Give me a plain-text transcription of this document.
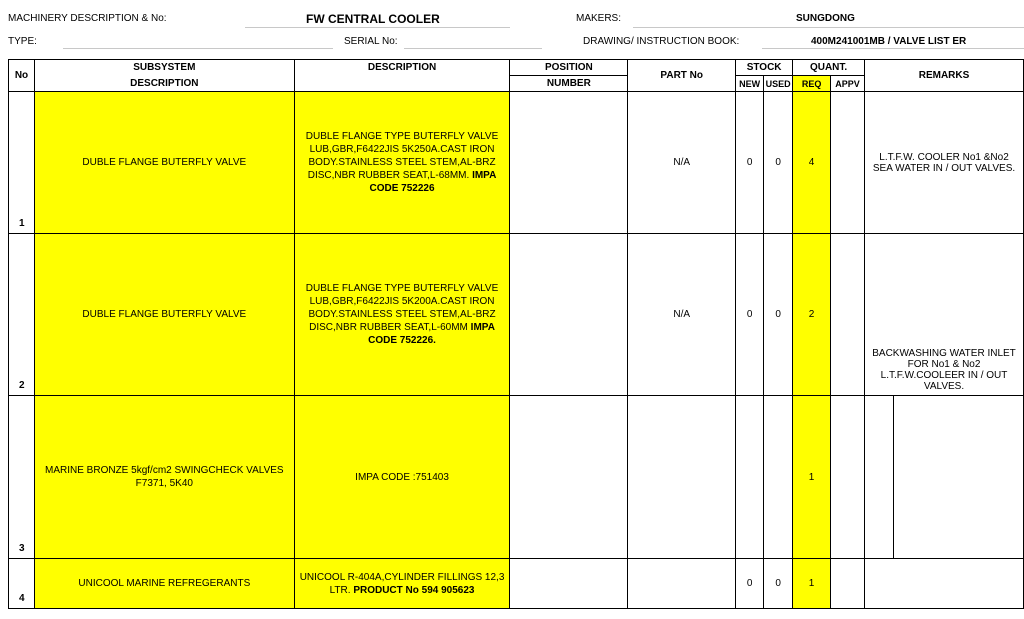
MACHINERY DESCRIPTION & No:	FW CENTRAL COOLER	MAKERS:	SUNGDONG
TYPE:	SERIAL No:	DRAWING/ INSTRUCTION BOOK:	400M241001MB / VALVE LIST ER
No	SUBSYSTEM	DESCRIPTION	POSITION	PART No	STOCK		QUANT.		REMARKS
	DESCRIPTION		NUMBER		NEW	USED	REQ	APPV	
1	DUBLE FLANGE BUTERFLY VALVE	DUBLE FLANGE TYPE BUTERFLY VALVE LUB,GBR,F6422JIS 5K250A.CAST IRON BODY.STAINLESS STEEL STEM,AL-BRZ DISC,NBR RUBBER SEAT,L-68MM. IMPA CODE 752226		N/A	0	0	4		L.T.F.W. COOLER No1 &No2 SEA WATER IN / OUT VALVES.
2	DUBLE FLANGE BUTERFLY VALVE	DUBLE FLANGE TYPE BUTERFLY VALVE LUB,GBR,F6422JIS 5K200A.CAST IRON BODY.STAINLESS STEEL STEM,AL-BRZ DISC,NBR RUBBER SEAT,L-60MM IMPA CODE 752226.		N/A	0	0	2		BACKWASHING WATER INLET FOR No1 & No2 L.T.F.W.COOLEER IN / OUT VALVES.
3	MARINE BRONZE 5kgf/cm2 SWINGCHECK VALVES F7371, 5K40	IMPA CODE :751403					1		

4	UNICOOL MARINE REFREGERANTS	UNICOOL R-404A,CYLINDER FILLINGS 12,3 LTR. PRODUCT No 594 905623			0	0	1		
